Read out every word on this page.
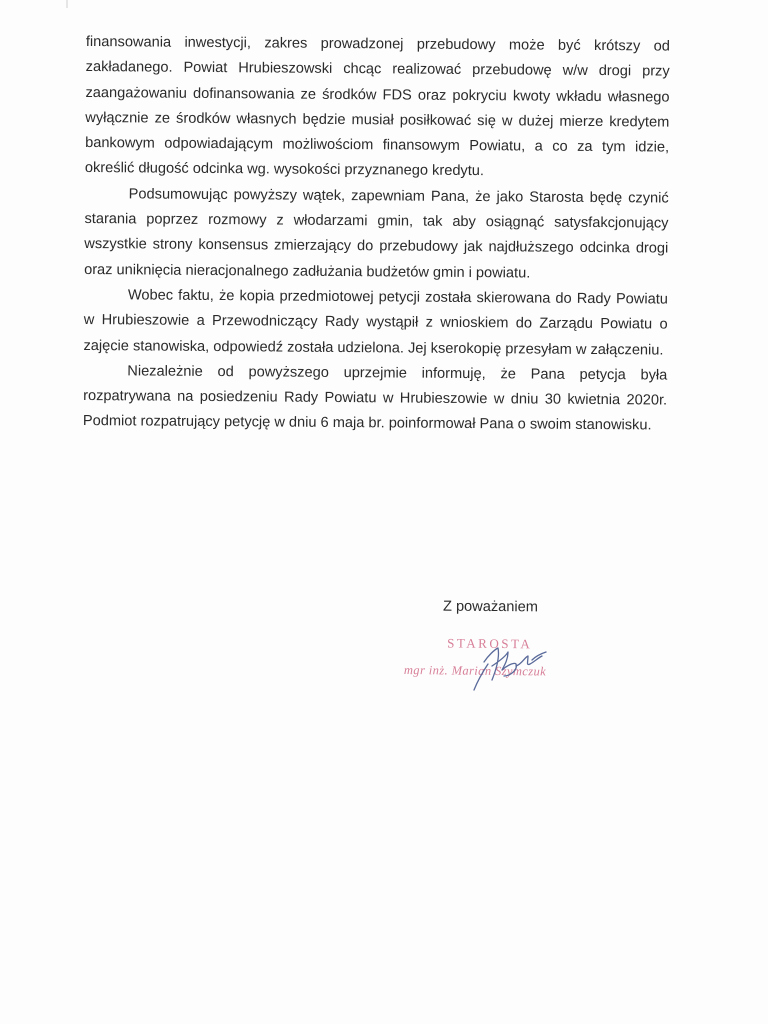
finansowania inwestycji, zakres prowadzonej przebudowy może być krótszy od zakładanego. Powiat Hrubieszowski chcąc realizować przebudowę w/w drogi przy zaangażowaniu dofinansowania ze środków FDS oraz pokryciu kwoty wkładu własnego wyłącznie ze środków własnych będzie musiał posiłkować się w dużej mierze kredytem bankowym odpowiadającym możliwościom finansowym Powiatu, a co za tym idzie, określić długość odcinka wg. wysokości przyznanego kredytu.

Podsumowując powyższy wątek, zapewniam Pana, że jako Starosta będę czynić starania poprzez rozmowy z włodarzami gmin, tak aby osiągnąć satysfakcjonujący wszystkie strony konsensus zmierzający do przebudowy jak najdłuższego odcinka drogi oraz uniknięcia nieracjonalnego zadłużania budżetów gmin i powiatu.

Wobec faktu, że kopia przedmiotowej petycji została skierowana do Rady Powiatu w Hrubieszowie a Przewodniczący Rady wystąpił z wnioskiem do Zarządu Powiatu o zajęcie stanowiska, odpowiedź została udzielona. Jej kserokopię przesyłam w załączeniu.

Niezależnie od powyższego uprzejmie informuję, że Pana petycja była rozpatrywana na posiedzeniu Rady Powiatu w Hrubieszowie w dniu 30 kwietnia 2020r. Podmiot rozpatrujący petycję w dniu 6 maja br. poinformował Pana o swoim stanowisku.

Z poważaniem
STAROSTA
mgr inż. Marian Szymczuk
